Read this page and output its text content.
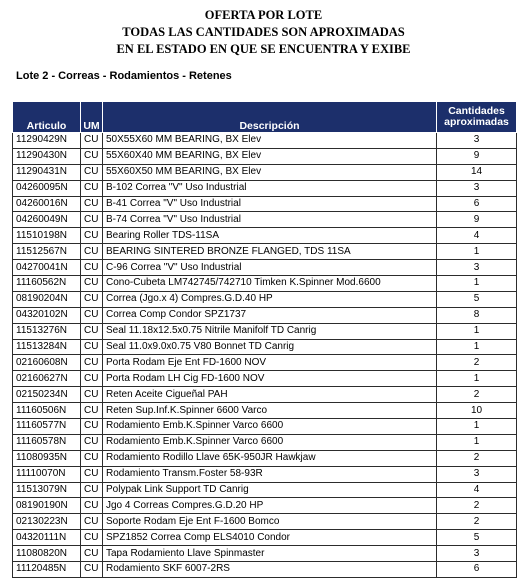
OFERTA POR LOTE
TODAS LAS CANTIDADES SON APROXIMADAS
EN EL ESTADO EN QUE SE ENCUENTRA Y EXIBE
Lote 2 - Correas - Rodamientos - Retenes
Articulo	UM	Descripción	Cantidades aproximadas
11290429N	CU	50X55X60 MM BEARING, BX Elev	3
11290430N	CU	55X60X40 MM BEARING, BX Elev	9
11290431N	CU	55X60X50 MM BEARING, BX Elev	14
04260095N	CU	B-102 Correa "V" Uso Industrial	3
04260016N	CU	B-41 Correa "V" Uso Industrial	6
04260049N	CU	B-74 Correa "V" Uso Industrial	9
11510198N	CU	Bearing Roller TDS-11SA	4
11512567N	CU	BEARING SINTERED BRONZE FLANGED, TDS 11SA	1
04270041N	CU	C-96 Correa "V" Uso Industrial	3
11160562N	CU	Cono-Cubeta LM742745/742710 Timken K.Spinner Mod.6600	1
08190204N	CU	Correa (Jgo.x 4) Compres.G.D.40 HP	5
04320102N	CU	Correa Comp Condor SPZ1737	8
11513276N	CU	Seal 11.18x12.5x0.75 Nitrile Manifolf TD Canrig	1
11513284N	CU	Seal 11.0x9.0x0.75 V80 Bonnet TD Canrig	1
02160608N	CU	Porta Rodam Eje Ent FD-1600 NOV	2
02160627N	CU	Porta Rodam LH Cig FD-1600 NOV	1
02150234N	CU	Reten Aceite Cigueñal PAH	2
11160506N	CU	Reten Sup.Inf.K.Spinner 6600 Varco	10
11160577N	CU	Rodamiento Emb.K.Spinner Varco 6600	1
11160578N	CU	Rodamiento Emb.K.Spinner Varco 6600	1
11080935N	CU	Rodamiento Rodillo Llave 65K-950JR Hawkjaw	2
11110070N	CU	Rodamiento Transm.Foster 58-93R	3
11513079N	CU	Polypak Link Support TD Canrig	4
08190190N	CU	Jgo 4 Correas Compres.G.D.20 HP	2
02130223N	CU	Soporte Rodam Eje Ent F-1600 Bomco	2
04320111N	CU	SPZ1852 Correa Comp ELS4010 Condor	5
11080820N	CU	Tapa Rodamiento Llave Spinmaster	3
11120485N	CU	Rodamiento SKF 6007-2RS	6
